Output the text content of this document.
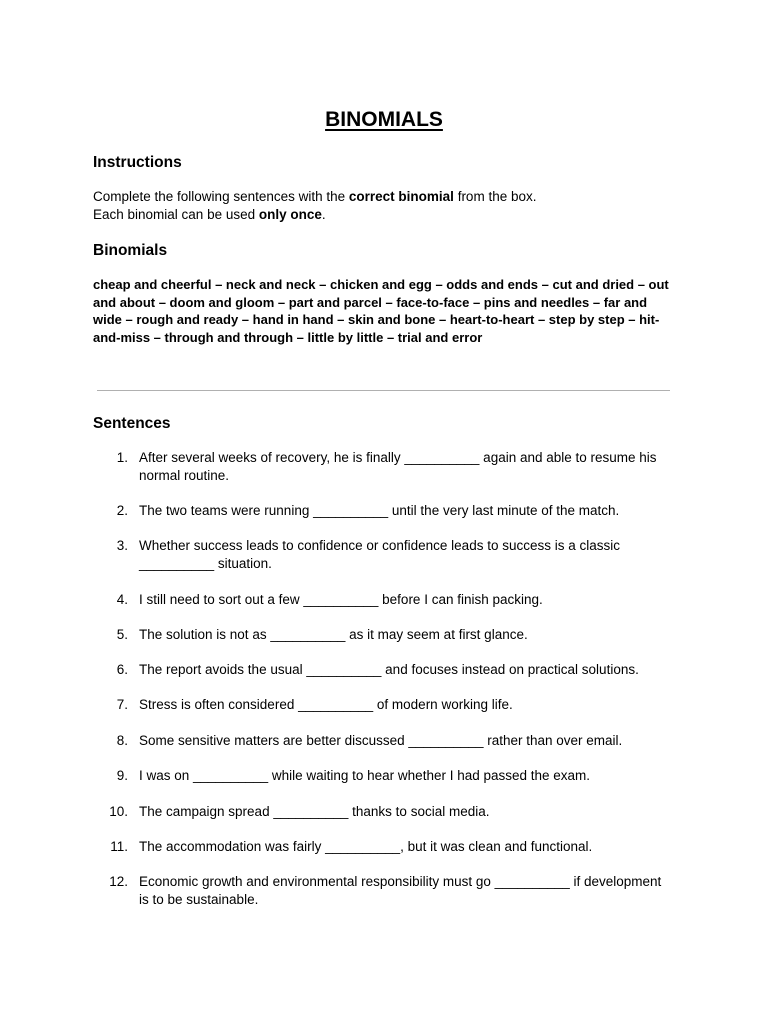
BINOMIALS
Instructions

Complete the following sentences with the correct binomial from the box.
Each binomial can be used only once.

Binomials

cheap and cheerful – neck and neck – chicken and egg – odds and ends – cut and dried – out and about – doom and gloom – part and parcel – face-to-face – pins and needles – far and wide – rough and ready – hand in hand – skin and bone – heart-to-heart – step by step – hit-and-miss – through and through – little by little – trial and error

Sentences
1. After several weeks of recovery, he is finally __________ again and able to resume his normal routine.
2. The two teams were running __________ until the very last minute of the match.
3. Whether success leads to confidence or confidence leads to success is a classic __________ situation.
4. I still need to sort out a few __________ before I can finish packing.
5. The solution is not as __________ as it may seem at first glance.
6. The report avoids the usual __________ and focuses instead on practical solutions.
7. Stress is often considered __________ of modern working life.
8. Some sensitive matters are better discussed __________ rather than over email.
9. I was on __________ while waiting to hear whether I had passed the exam.
10. The campaign spread __________ thanks to social media.
11. The accommodation was fairly __________, but it was clean and functional.
12. Economic growth and environmental responsibility must go __________ if development is to be sustainable.
